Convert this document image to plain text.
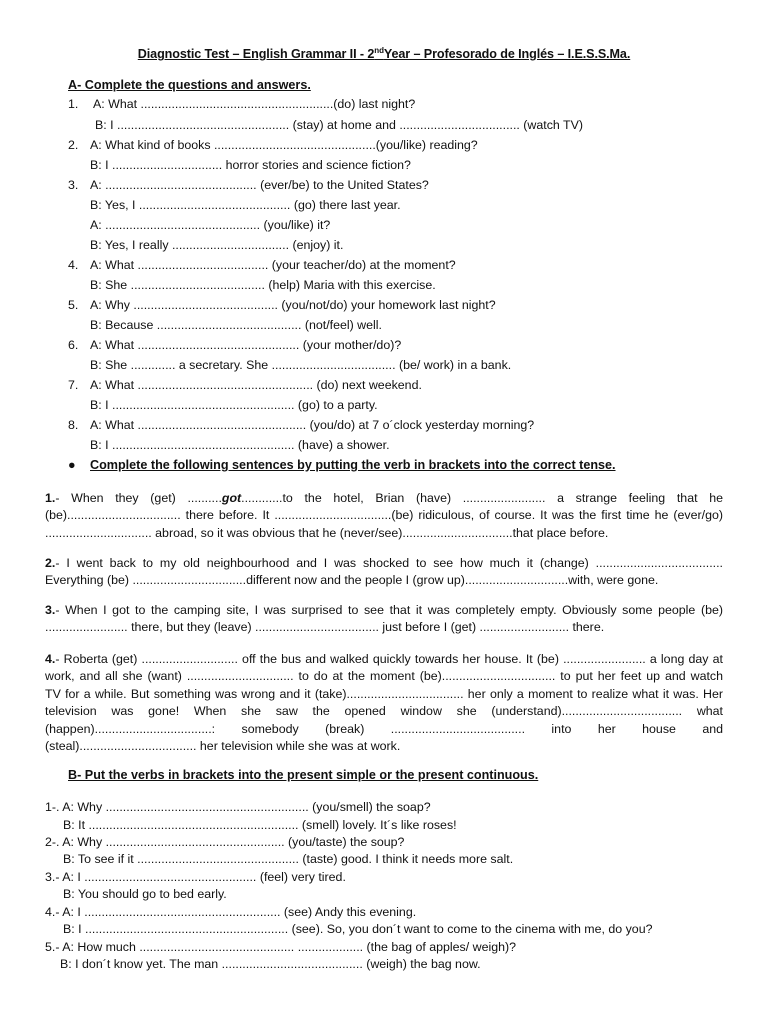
Diagnostic Test – English Grammar II - 2ndYear – Profesorado de Inglés – I.E.S.S.Ma.
A- Complete the questions and answers.
1. A: What ........................................................(do) last night?
B: I .................................................. (stay) at home and ................................... (watch TV)
2. A: What kind of books ...............................................(you/like) reading?
B: I ................................ horror stories and science fiction?
3. A: ............................................ (ever/be) to the United States?
B: Yes, I ............................................ (go) there last year.
A: ............................................. (you/like) it?
B: Yes, I really .................................. (enjoy) it.
4. A: What ...................................... (your teacher/do) at the moment?
B: She ....................................... (help) Maria with this exercise.
5. A: Why .......................................... (you/not/do) your homework last night?
B: Because .......................................... (not/feel) well.
6. A: What ............................................... (your mother/do)?
B: She ............. a secretary. She .................................... (be/ work) in a bank.
7. A: What ................................................... (do) next weekend.
B: I ..................................................... (go) to a party.
8. A: What ................................................. (you/do) at 7 o´clock yesterday morning?
B: I ..................................................... (have) a shower.
● Complete the following sentences by putting the verb in brackets into the correct tense.
1.- When they (get) ..........got............to the hotel, Brian (have) ........................ a strange feeling that he
(be)................................. there before. It ..................................(be) ridiculous, of course. It was the first time he (ever/go)
............................... abroad, so it was obvious that he (never/see)................................that place before.
2.- I went back to my old neighbourhood and I was shocked to see how much it (change) .....................................
Everything (be) .................................different now and the people I (grow up)..............................with, were gone.
3.- When I got to the camping site, I was surprised to see that it was completely empty. Obviously some people (be)
........................ there, but they (leave) .................................... just before I (get) .......................... there.
4.- Roberta (get) ............................ off the bus and walked quickly towards her house. It (be) ........................ a long day at
work, and all she (want) ............................... to do at the moment (be)................................. to put her feet up and watch
TV for a while. But something was wrong and it (take).................................. her only a moment to realize what it was. Her
television was gone! When she saw the opened window she (understand)................................... what
(happen)..................................: somebody (break) ....................................... into her house and
(steal).................................. her television while she was at work.
B- Put the verbs in brackets into the present simple or the present continuous.
1-. A: Why ........................................................... (you/smell) the soap?
B: It ............................................................. (smell) lovely. It´s like roses!
2-. A: Why .................................................... (you/taste) the soup?
B: To see if it ............................................... (taste) good. I think it needs more salt.
3.- A: I .................................................. (feel) very tired.
B: You should go to bed early.
4.- A: I ......................................................... (see) Andy this evening.
B: I ........................................................... (see). So, you don´t want to come to the cinema with me, do you?
5.- A: How much ............................................. ................... (the bag of apples/ weigh)?
B: I don´t know yet. The man ......................................... (weigh) the bag now.
